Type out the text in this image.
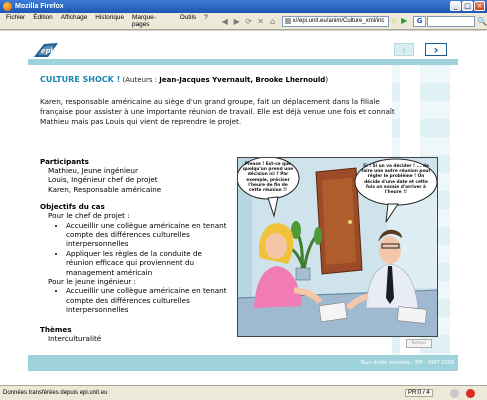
Mozilla Firefox	_ □ ×
Fichier	Édition	Affichage	Historique	Marque-pages
Outils	?	◀ ▶ ⟳ ✕ ⌂	x//epi.unit.eu/anim/Culture_xml/inc ☆ ▶	G	🔍
epi	‹ ›
CULTURE SHOCK ! (Auteurs : Jean-Jacques Yvernault, Brooke Lhernould)

Karen, responsable américaine au siège d'un grand groupe, fait un déplacement dans la filiale française pour assister à une importante réunion de travail. Elle est déjà venue une fois et connaît Mathieu mais pas Louis qui vient de reprendre le projet.

Participants
Mathieu, Jeune ingénieur
Louis, Ingénieur chef de projet
Karen, Responsable américaine
Objectifs du cas
Pour le chef de projet :
• Accueillir une collègue américaine en tenant compte des différences culturelles interpersonnelles
• Appliquer les règles de la conduite de réunion efficace qui proviennent du management américain
Pour le jeune ingénieur :
• Accueillir une collègue américaine en tenant compte des différences culturelles interpersonnelles
Thèmes
Interculturalité
Please ! Est-ce que quelqu'un prend une décision ici ? Par exemple, préciser l'heure de fin de cette réunion !!
Si ! Si on va décider ! ... de faire une autre réunion pour régler le problème ! On décide d'une date et cette fois on essaie d'arriver à l'heure !!
Retour
Tous droits réservés - EPI - UNIT 2008
Données transférées depuis epi.unit.eu	PR:0 / 4
